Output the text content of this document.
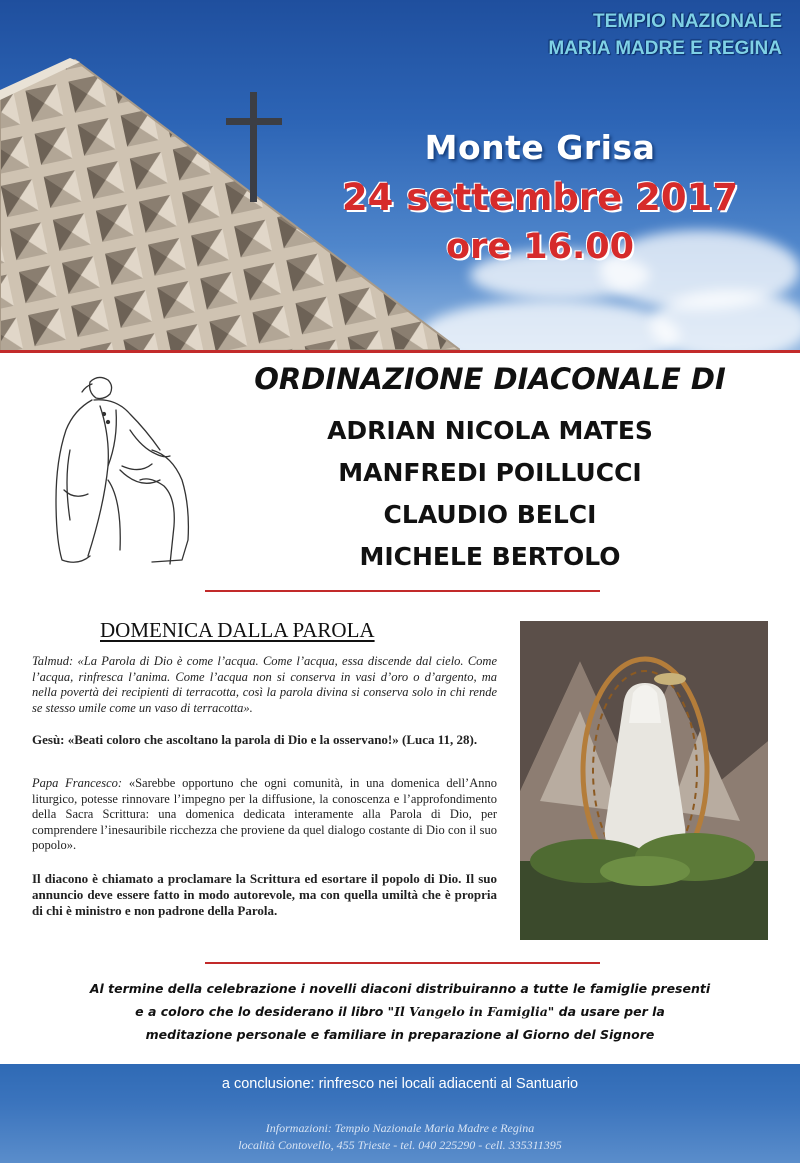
TEMPIO NAZIONALE
MARIA MADRE E REGINA
Monte Grisa
24 settembre 2017
ore 16.00
ORDINAZIONE DIACONALE DI
ADRIAN NICOLA MATES
MANFREDI POILLUCCI
CLAUDIO BELCI
MICHELE BERTOLO
DOMENICA DALLA PAROLA
Talmud: «La Parola di Dio è come l’acqua. Come l’acqua, essa discende dal cielo. Come l’acqua, rinfresca l’anima. Come l’acqua non si conserva in vasi d’oro o d’argento, ma nella povertà dei recipienti di terracotta, così la parola divina si conserva solo in chi rende se stesso umile come un vaso di terracotta».
Gesù: «Beati coloro che ascoltano la parola di Dio e la osservano!» (Luca 11, 28).
Papa Francesco: «Sarebbe opportuno che ogni comunità, in una domenica dell’Anno liturgico, potesse rinnovare l’impegno per la diffusione, la conoscenza e l’approfondimento della Sacra Scrittura: una domenica dedicata interamente alla Parola di Dio, per comprendere l’inesauribile ricchezza che proviene da quel dialogo costante di Dio con il suo popolo».
Il diacono è chiamato a proclamare la Scrittura ed esortare il popolo di Dio. Il suo annuncio deve essere fatto in modo autorevole, ma con quella umiltà che è propria di chi è ministro e non padrone della Parola.
Al termine della celebrazione i novelli diaconi distribuiranno a tutte le famiglie presenti
e a coloro che lo desiderano il libro "Il Vangelo in Famiglia" da usare per la
meditazione personale e familiare in preparazione al Giorno del Signore
a conclusione: rinfresco nei locali adiacenti al Santuario
Informazioni: Tempio Nazionale Maria Madre e Regina
località Contovello, 455 Trieste - tel. 040 225290 - cell. 335311395
